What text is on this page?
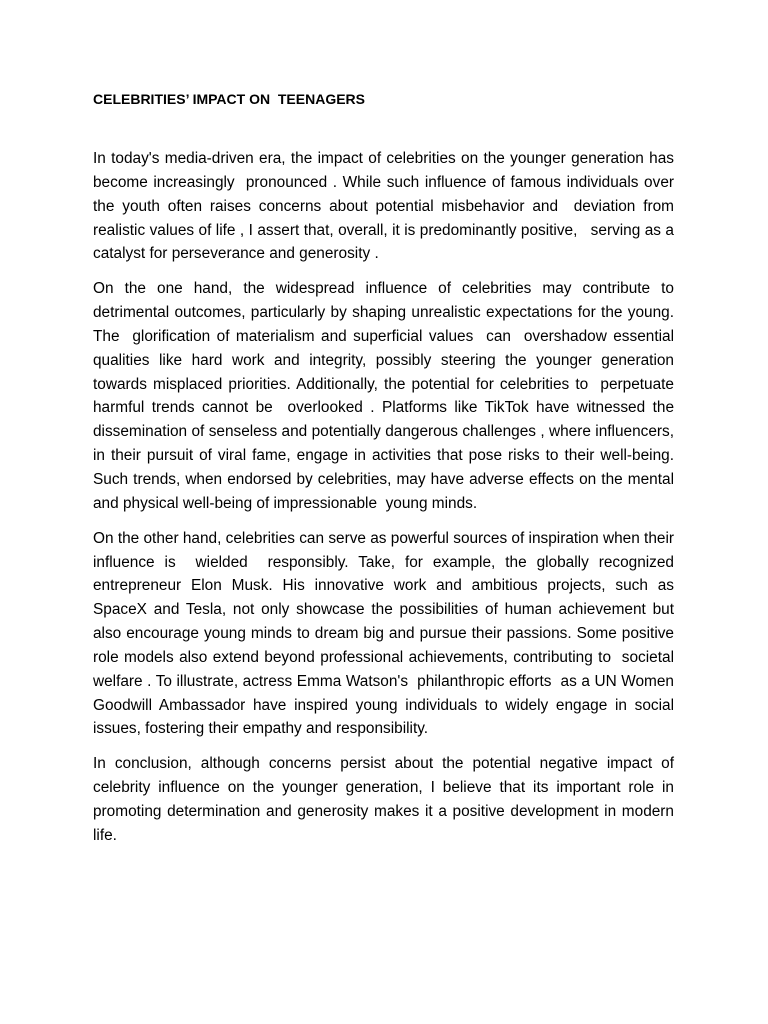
CELEBRITIES’ IMPACT ON  TEENAGERS

In today's media-driven era, the impact of celebrities on the younger generation has become increasingly  pronounced . While such influence of famous individuals over the youth often raises concerns about potential misbehavior and  deviation from realistic values of life , I assert that, overall, it is predominantly positive,   serving as a catalyst for perseverance and generosity .

On the one hand, the widespread influence of celebrities may contribute to detrimental outcomes, particularly by shaping unrealistic expectations for the young. The  glorification of materialism and superficial values  can  overshadow essential qualities like hard work and integrity, possibly steering the younger generation towards misplaced priorities. Additionally, the potential for celebrities to  perpetuate  harmful trends cannot be  overlooked . Platforms like TikTok have witnessed the  dissemination of senseless and potentially dangerous challenges , where influencers, in their pursuit of viral fame, engage in activities that pose risks to their well-being. Such trends, when endorsed by celebrities, may have adverse effects on the mental and physical well-being of impressionable  young minds.

On the other hand, celebrities can serve as powerful sources of inspiration when their influence is  wielded  responsibly. Take, for example, the globally recognized entrepreneur Elon Musk. His innovative work and ambitious projects, such as SpaceX and Tesla, not only showcase the possibilities of human achievement but also encourage young minds to dream big and pursue their passions. Some positive role models also extend beyond professional achievements, contributing to  societal welfare . To illustrate, actress Emma Watson's  philanthropic efforts  as a UN Women Goodwill Ambassador have inspired young individuals to widely engage in social issues, fostering their empathy and responsibility.

In conclusion, although concerns persist about the potential negative impact of celebrity influence on the younger generation, I believe that its important role in promoting determination and generosity makes it a positive development in modern life.
